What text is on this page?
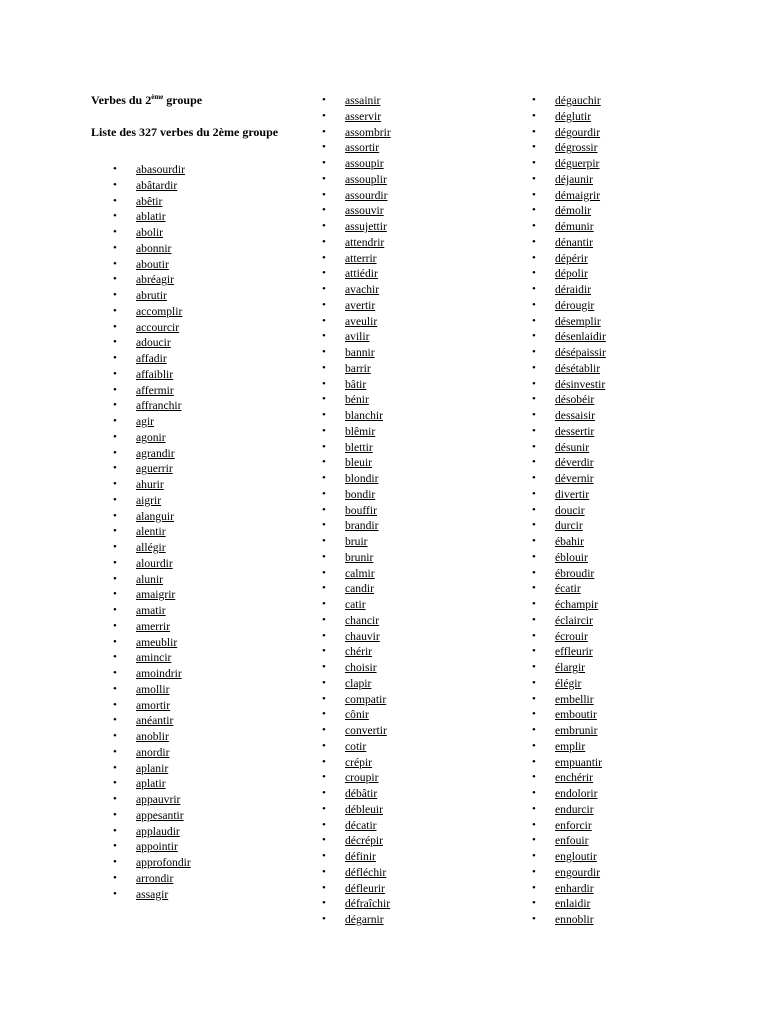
Verbes du 2ème groupe

Liste des 327 verbes du 2ème groupe

• abasourdir
• abâtardir
• abêtir
• ablatir
• abolir
• abonnir
• aboutir
• abréagir
• abrutir
• accomplir
• accourcir
• adoucir
• affadir
• affaiblir
• affermir
• affranchir
• agir
• agonir
• agrandir
• aguerrir
• ahurir
• aigrir
• alanguir
• alentir
• allégir
• alourdir
• alunir
• amaigrir
• amatir
• amerrir
• ameublir
• amincir
• amoindrir
• amollir
• amortir
• anéantir
• anoblir
• anordir
• aplanir
• aplatir
• appauvrir
• appesantir
• applaudir
• appointir
• approfondir
• arrondir
• assagir
• assainir
• asservir
• assombrir
• assortir
• assoupir
• assouplir
• assourdir
• assouvir
• assujettir
• attendrir
• atterrir
• attiédir
• avachir
• avertir
• aveulir
• avilir
• bannir
• barrir
• bâtir
• bénir
• blanchir
• blêmir
• blettir
• bleuir
• blondir
• bondir
• bouffir
• brandir
• bruir
• brunir
• calmir
• candir
• catir
• chancir
• chauvir
• chérir
• choisir
• clapir
• compatir
• cônir
• convertir
• cotir
• crépir
• croupir
• débâtir
• débleuir
• décatir
• décrépir
• définir
• défléchir
• défleurir
• défraîchir
• dégarnir
• dégauchir
• déglutir
• dégourdir
• dégrossir
• déguerpir
• déjaunir
• démaigrir
• démolir
• démunir
• dénantir
• dépérir
• dépolir
• déraidir
• dérougir
• désemplir
• désenlaidir
• désépaissir
• désétablir
• désinvestir
• désobéir
• dessaisir
• dessertir
• désunir
• déverdir
• dévernir
• divertir
• doucir
• durcir
• ébahir
• éblouir
• ébroudir
• écatir
• échampir
• éclaircir
• écrouir
• effleurir
• élargir
• élégir
• embellir
• emboutir
• embrunir
• emplir
• empuantir
• enchérir
• endolorir
• endurcir
• enforcir
• enfouir
• engloutir
• engourdir
• enhardir
• enlaidir
• ennoblir
